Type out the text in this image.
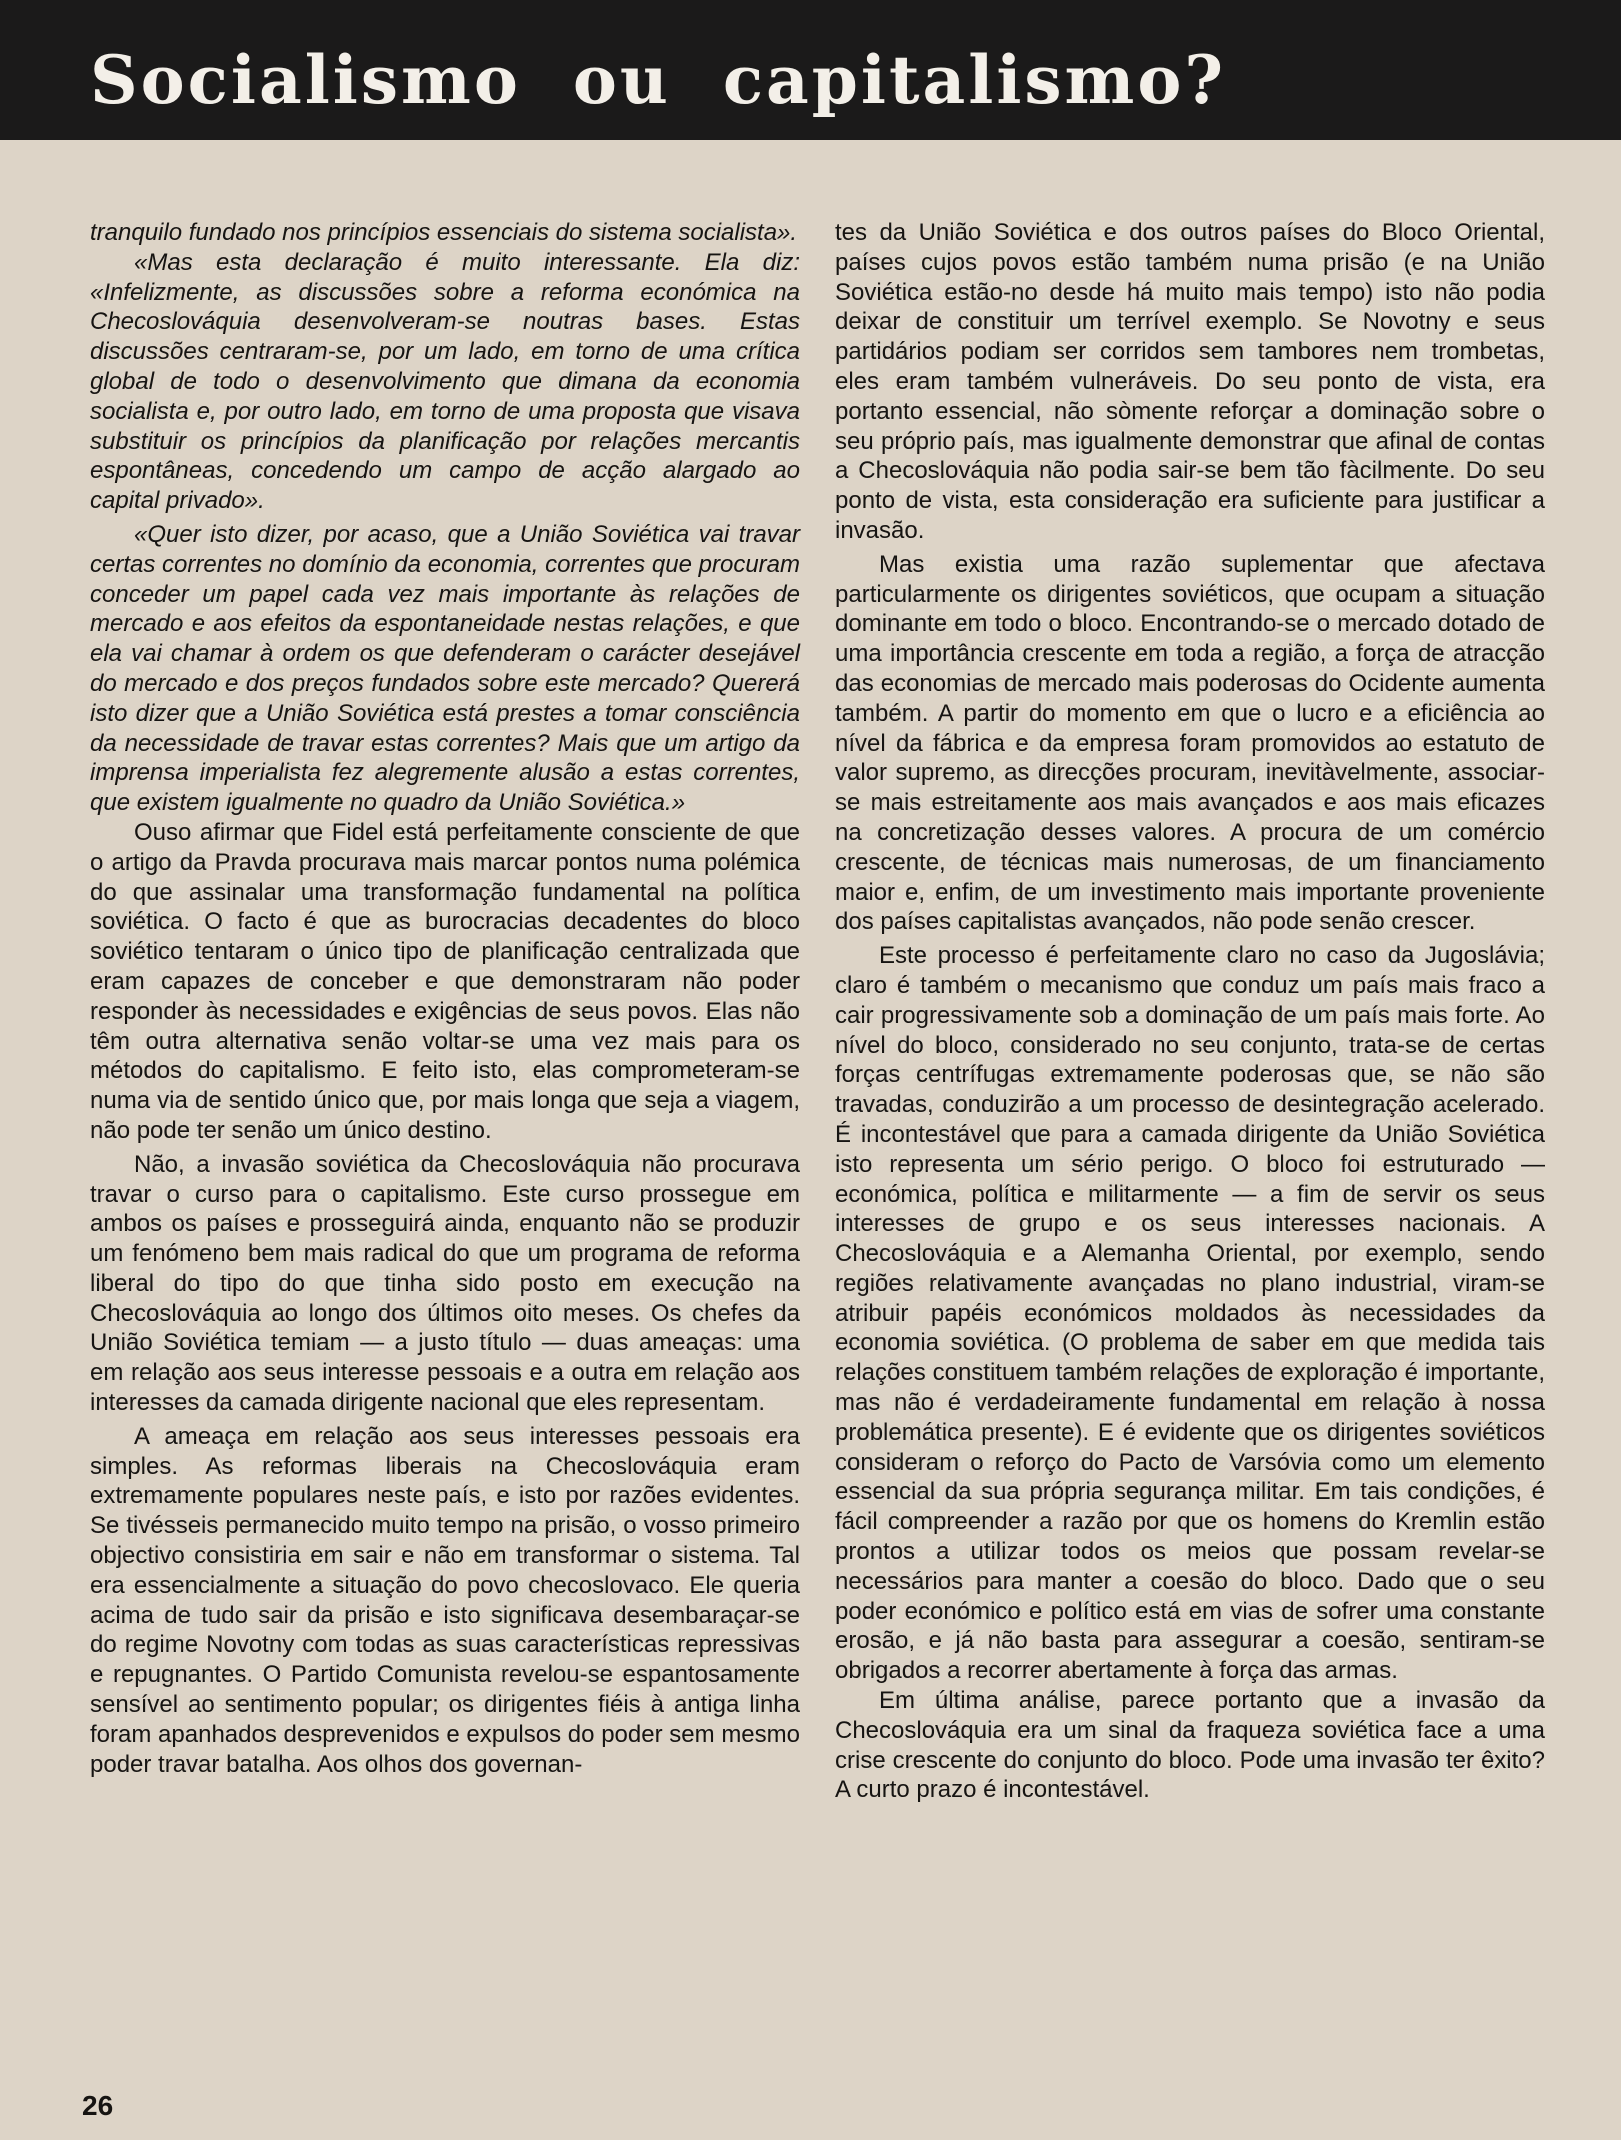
Socialismo ou capitalismo?

tranquilo fundado nos princípios essenciais do sistema socialista».

«Mas esta declaração é muito interessante. Ela diz: «Infelizmente, as discussões sobre a reforma económica na Checoslováquia desenvolveram-se noutras bases. Estas discussões centraram-se, por um lado, em torno de uma crítica global de todo o desenvolvimento que dimana da economia socialista e, por outro lado, em torno de uma proposta que visava substituir os princípios da planificação por relações mercantis espontâneas, concedendo um campo de acção alargado ao capital privado».

«Quer isto dizer, por acaso, que a União Soviética vai travar certas correntes no domínio da economia, correntes que procuram conceder um papel cada vez mais importante às relações de mercado e aos efeitos da espontaneidade nestas relações, e que ela vai chamar à ordem os que defenderam o carácter desejável do mercado e dos preços fundados sobre este mercado? Quererá isto dizer que a União Soviética está prestes a tomar consciência da necessidade de travar estas correntes? Mais que um artigo da imprensa imperialista fez alegremente alusão a estas correntes, que existem igualmente no quadro da União Soviética.»

Ouso afirmar que Fidel está perfeitamente consciente de que o artigo da Pravda procurava mais marcar pontos numa polémica do que assinalar uma transformação fundamental na política soviética. O facto é que as burocracias decadentes do bloco soviético tentaram o único tipo de planificação centralizada que eram capazes de conceber e que demonstraram não poder responder às necessidades e exigências de seus povos. Elas não têm outra alternativa senão voltar-se uma vez mais para os métodos do capitalismo. E feito isto, elas comprometeram-se numa via de sentido único que, por mais longa que seja a viagem, não pode ter senão um único destino.

Não, a invasão soviética da Checoslováquia não procurava travar o curso para o capitalismo. Este curso prossegue em ambos os países e prosseguirá ainda, enquanto não se produzir um fenómeno bem mais radical do que um programa de reforma liberal do tipo do que tinha sido posto em execução na Checoslováquia ao longo dos últimos oito meses. Os chefes da União Soviética temiam — a justo título — duas ameaças: uma em relação aos seus interesse pessoais e a outra em relação aos interesses da camada dirigente nacional que eles representam.

A ameaça em relação aos seus interesses pessoais era simples. As reformas liberais na Checoslováquia eram extremamente populares neste país, e isto por razões evidentes. Se tivésseis permanecido muito tempo na prisão, o vosso primeiro objectivo consistiria em sair e não em transformar o sistema. Tal era essencialmente a situação do povo checoslovaco. Ele queria acima de tudo sair da prisão e isto significava desembaraçar-se do regime Novotny com todas as suas características repressivas e repugnantes. O Partido Comunista revelou-se espantosamente sensível ao sentimento popular; os dirigentes fiéis à antiga linha foram apanhados desprevenidos e expulsos do poder sem mesmo poder travar batalha. Aos olhos dos governan-

tes da União Soviética e dos outros países do Bloco Oriental, países cujos povos estão também numa prisão (e na União Soviética estão-no desde há muito mais tempo) isto não podia deixar de constituir um terrível exemplo. Se Novotny e seus partidários podiam ser corridos sem tambores nem trombetas, eles eram também vulneráveis. Do seu ponto de vista, era portanto essencial, não sòmente reforçar a dominação sobre o seu próprio país, mas igualmente demonstrar que afinal de contas a Checoslováquia não podia sair-se bem tão fàcilmente. Do seu ponto de vista, esta consideração era suficiente para justificar a invasão.

Mas existia uma razão suplementar que afectava particularmente os dirigentes soviéticos, que ocupam a situação dominante em todo o bloco. Encontrando-se o mercado dotado de uma importância crescente em toda a região, a força de atracção das economias de mercado mais poderosas do Ocidente aumenta também. A partir do momento em que o lucro e a eficiência ao nível da fábrica e da empresa foram promovidos ao estatuto de valor supremo, as direcções procuram, inevitàvelmente, associar-se mais estreitamente aos mais avançados e aos mais eficazes na concretização desses valores. A procura de um comércio crescente, de técnicas mais numerosas, de um financiamento maior e, enfim, de um investimento mais importante proveniente dos países capitalistas avançados, não pode senão crescer.

Este processo é perfeitamente claro no caso da Jugoslávia; claro é também o mecanismo que conduz um país mais fraco a cair progressivamente sob a dominação de um país mais forte. Ao nível do bloco, considerado no seu conjunto, trata-se de certas forças centrífugas extremamente poderosas que, se não são travadas, conduzirão a um processo de desintegração acelerado. É incontestável que para a camada dirigente da União Soviética isto representa um sério perigo. O bloco foi estruturado — económica, política e militarmente — a fim de servir os seus interesses de grupo e os seus interesses nacionais. A Checoslováquia e a Alemanha Oriental, por exemplo, sendo regiões relativamente avançadas no plano industrial, viram-se atribuir papéis económicos moldados às necessidades da economia soviética. (O problema de saber em que medida tais relações constituem também relações de exploração é importante, mas não é verdadeiramente fundamental em relação à nossa problemática presente). E é evidente que os dirigentes soviéticos consideram o reforço do Pacto de Varsóvia como um elemento essencial da sua própria segurança militar. Em tais condições, é fácil compreender a razão por que os homens do Kremlin estão prontos a utilizar todos os meios que possam revelar-se necessários para manter a coesão do bloco. Dado que o seu poder económico e político está em vias de sofrer uma constante erosão, e já não basta para assegurar a coesão, sentiram-se obrigados a recorrer abertamente à força das armas.

Em última análise, parece portanto que a invasão da Checoslováquia era um sinal da fraqueza soviética face a uma crise crescente do conjunto do bloco. Pode uma invasão ter êxito? A curto prazo é incontestável.

26
